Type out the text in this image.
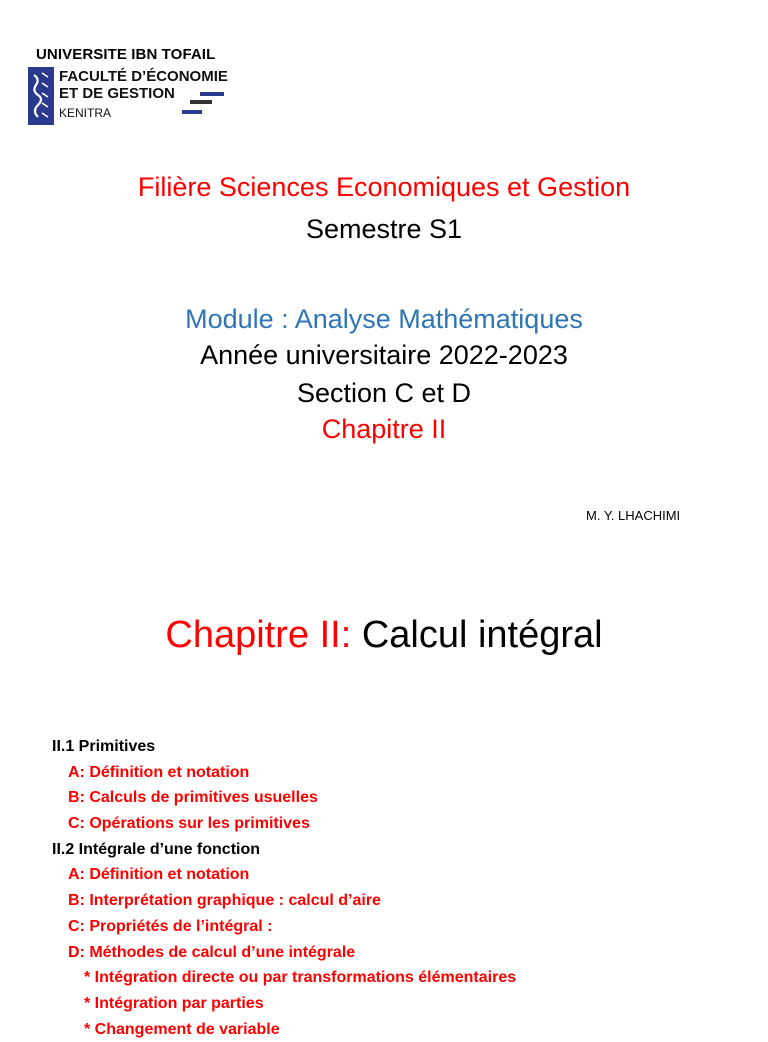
UNIVERSITE IBN TOFAIL
FACULTÉ D’ÉCONOMIE
ET DE GESTION
KENITRA
Filière Sciences Economiques et Gestion
Semestre S1
Module : Analyse Mathématiques
Année universitaire 2022-2023
Section C et D
Chapitre II
M. Y. LHACHIMI
Chapitre II: Calcul intégral
II.1 Primitives
A: Définition et notation
B: Calculs de primitives usuelles
C: Opérations sur les primitives
II.2 Intégrale d’une fonction
A: Définition et notation
B: Interprétation graphique : calcul d’aire
C: Propriétés de l’intégral :
D: Méthodes de calcul d’une intégrale
* Intégration directe ou par transformations élémentaires
* Intégration par parties
* Changement de variable
